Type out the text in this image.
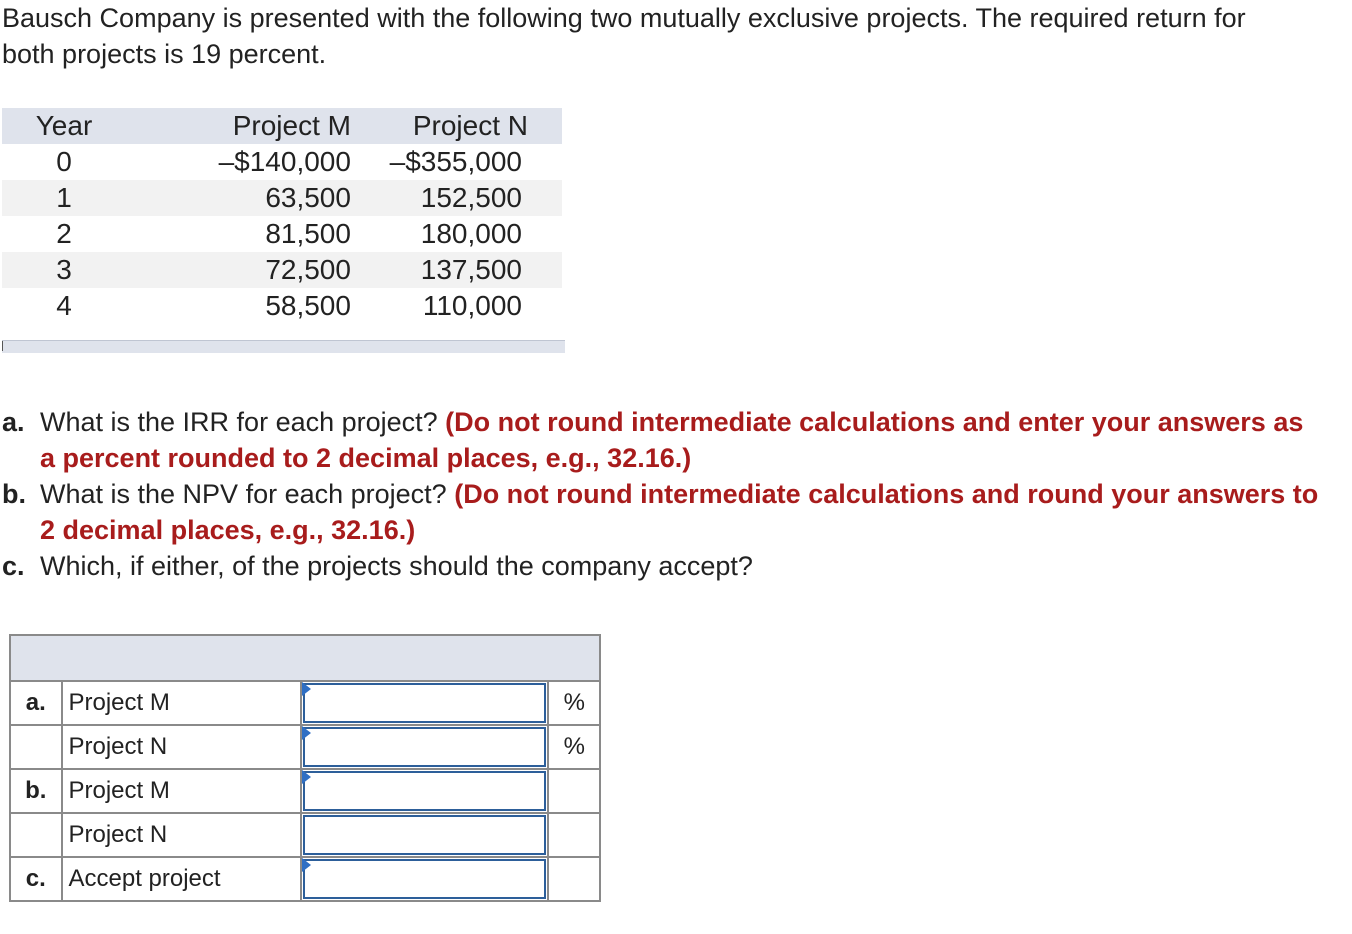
Bausch Company is presented with the following two mutually exclusive projects. The required return for both projects is 19 percent.
Year	Project M	Project N
0	–$140,000	–$355,000
1	63,500	152,500
2	81,500	180,000
3	72,500	137,500
4	58,500	110,000
a. What is the IRR for each project? (Do not round intermediate calculations and enter your answers as a percent rounded to 2 decimal places, e.g., 32.16.)
b. What is the NPV for each project? (Do not round intermediate calculations and round your answers to 2 decimal places, e.g., 32.16.)
c. Which, if either, of the projects should the company accept?

a.	Project M		%
	Project N		%
b.	Project M	

	Project N	

c.	Accept project	
